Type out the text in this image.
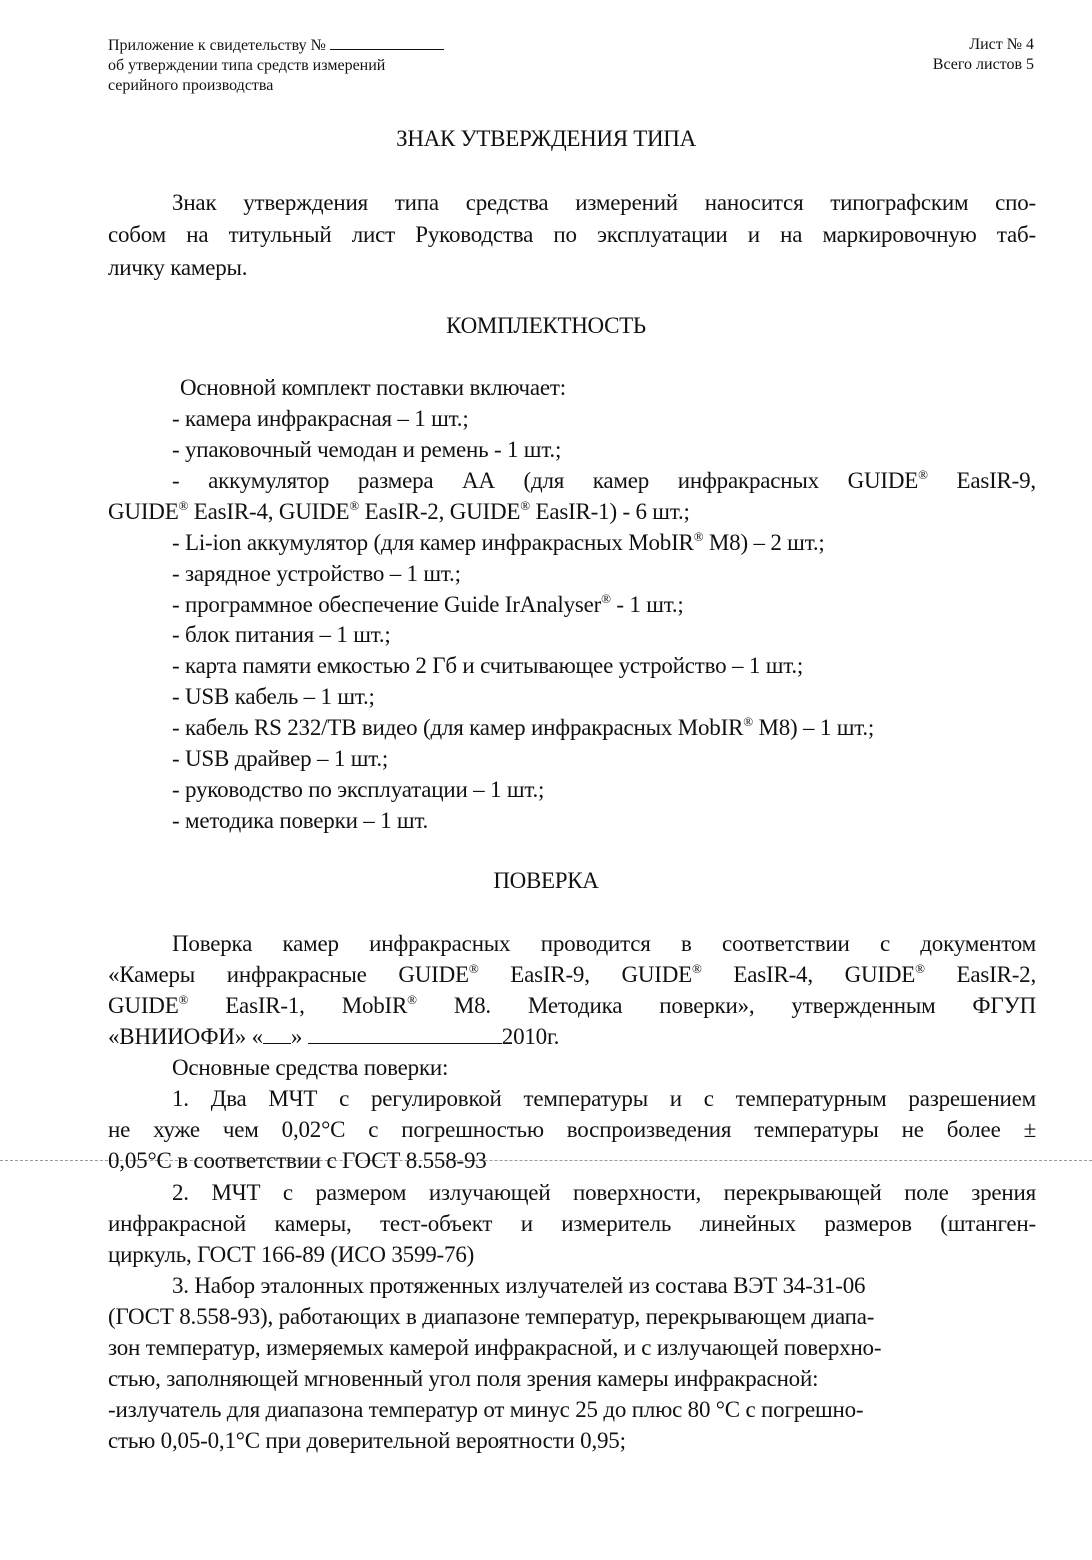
Приложение к свидетельству №
об утверждении типа средств измерений
серийного производства
Лист № 4
Всего листов 5
ЗНАК УТВЕРЖДЕНИЯ ТИПА
Знак утверждения типа средства измерений наносится типографским спо-
собом на титульный лист Руководства по эксплуатации и на маркировочную таб-
личку камеры.
КОМПЛЕКТНОСТЬ
Основной комплект поставки включает:
- камера инфракрасная – 1 шт.;
- упаковочный чемодан и ремень - 1 шт.;
- аккумулятор размера АА (для камер инфракрасных GUIDE® EasIR-9,
GUIDE® EasIR-4, GUIDE® EasIR-2, GUIDE® EasIR-1) - 6 шт.;
- Li-ion аккумулятор (для камер инфракрасных MobIR® M8) – 2 шт.;
- зарядное устройство – 1 шт.;
- программное обеспечение Guide IrAnalyser® - 1 шт.;
- блок питания – 1 шт.;
- карта памяти емкостью 2 Гб и считывающее устройство – 1 шт.;
- USB кабель – 1 шт.;
- кабель RS 232/ТВ видео (для камер инфракрасных MobIR® M8) – 1 шт.;
- USB драйвер – 1 шт.;
- руководство по эксплуатации – 1 шт.;
- методика поверки – 1 шт.
ПОВЕРКА
Поверка камер инфракрасных проводится в соответствии с документом
«Камеры инфракрасные GUIDE® EasIR-9, GUIDE® EasIR-4, GUIDE® EasIR-2,
GUIDE® EasIR-1, MobIR® M8. Методика поверки», утвержденным ФГУП
«ВНИИОФИ» « »	2010г.
Основные средства поверки:
1. Два МЧТ с регулировкой температуры и с температурным разрешением
не хуже чем 0,02°С с погрешностью воспроизведения температуры не более ±
0,05°С в соответствии с ГОСТ 8.558-93
2. МЧТ с размером излучающей поверхности, перекрывающей поле зрения
инфракрасной камеры, тест-объект и измеритель линейных размеров (штанген-
циркуль, ГОСТ 166-89 (ИСО 3599-76)
3. Набор эталонных протяженных излучателей из состава ВЭТ 34-31-06
(ГОСТ 8.558-93), работающих в диапазоне температур, перекрывающем диапа-
зон температур, измеряемых камерой инфракрасной, и с излучающей поверхно-
стью, заполняющей мгновенный угол поля зрения камеры инфракрасной:
-излучатель для диапазона температур от минус 25 до плюс 80 °С с погрешно-
стью 0,05-0,1°С при доверительной вероятности 0,95;
